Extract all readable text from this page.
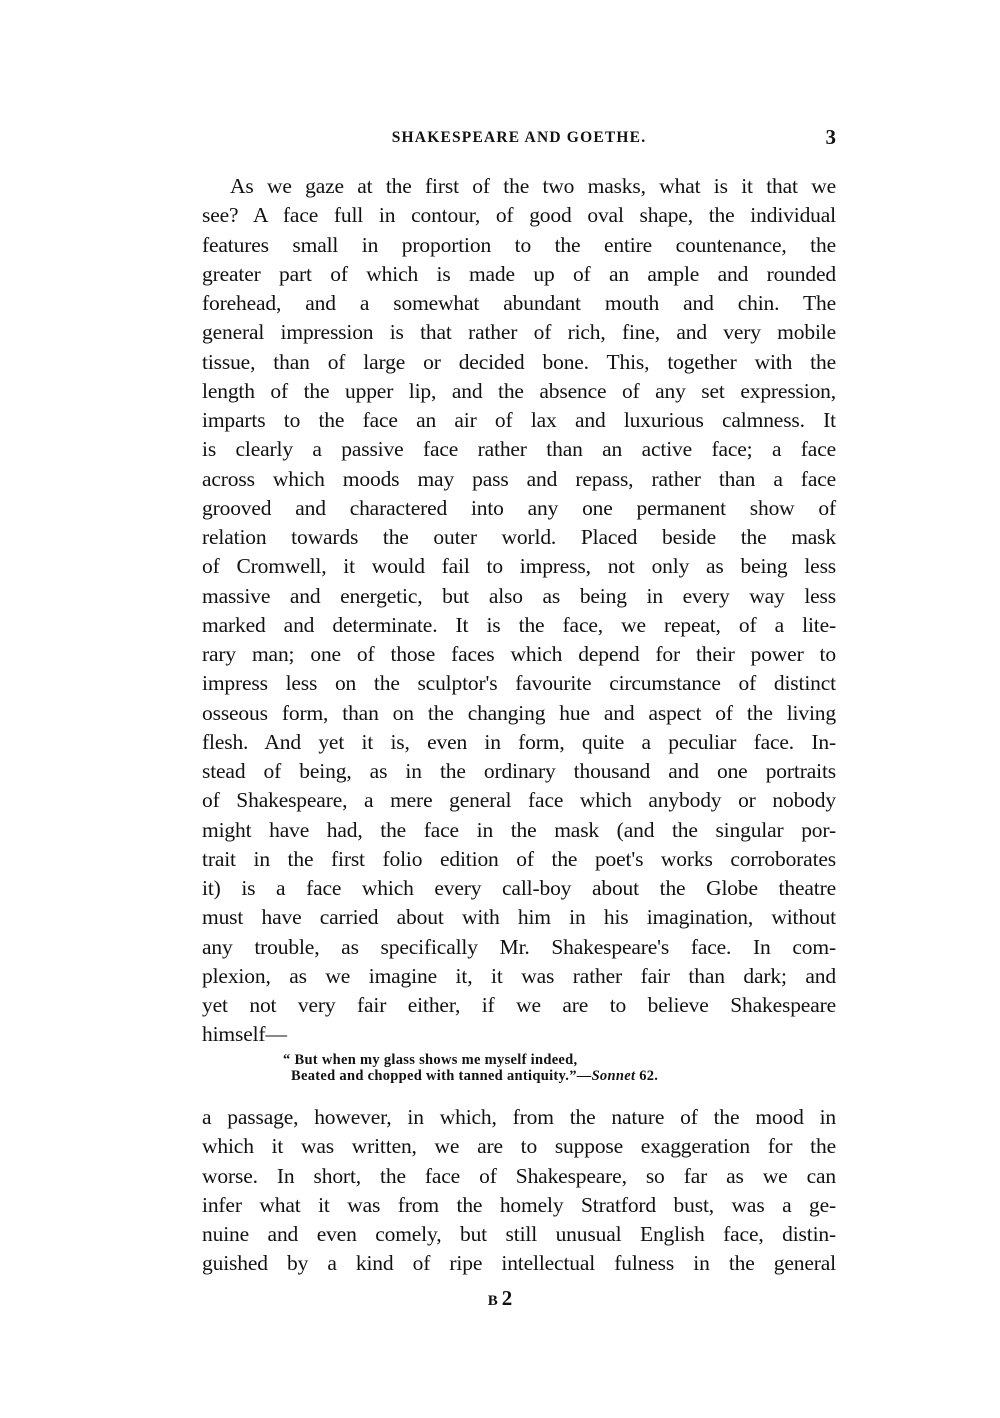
SHAKESPEARE AND GOETHE.	3
As we gaze at the first of the two masks, what is it that we
see? A face full in contour, of good oval shape, the individual
features small in proportion to the entire countenance, the
greater part of which is made up of an ample and rounded
forehead, and a somewhat abundant mouth and chin. The
general impression is that rather of rich, fine, and very mobile
tissue, than of large or decided bone. This, together with the
length of the upper lip, and the absence of any set expression,
imparts to the face an air of lax and luxurious calmness. It
is clearly a passive face rather than an active face; a face
across which moods may pass and repass, rather than a face
grooved and charactered into any one permanent show of
relation towards the outer world. Placed beside the mask
of Cromwell, it would fail to impress, not only as being less
massive and energetic, but also as being in every way less
marked and determinate. It is the face, we repeat, of a lite-
rary man; one of those faces which depend for their power to
impress less on the sculptor's favourite circumstance of distinct
osseous form, than on the changing hue and aspect of the living
flesh. And yet it is, even in form, quite a peculiar face. In-
stead of being, as in the ordinary thousand and one portraits
of Shakespeare, a mere general face which anybody or nobody
might have had, the face in the mask (and the singular por-
trait in the first folio edition of the poet's works corroborates
it) is a face which every call-boy about the Globe theatre
must have carried about with him in his imagination, without
any trouble, as specifically Mr. Shakespeare's face. In com-
plexion, as we imagine it, it was rather fair than dark; and
yet not very fair either, if we are to believe Shakespeare
himself—
“ But when my glass shows me myself indeed,
Beated and chopped with tanned antiquity.”—Sonnet 62.
a passage, however, in which, from the nature of the mood in
which it was written, we are to suppose exaggeration for the
worse. In short, the face of Shakespeare, so far as we can
infer what it was from the homely Stratford bust, was a ge-
nuine and even comely, but still unusual English face, distin-
guished by a kind of ripe intellectual fulness in the general
B 2
